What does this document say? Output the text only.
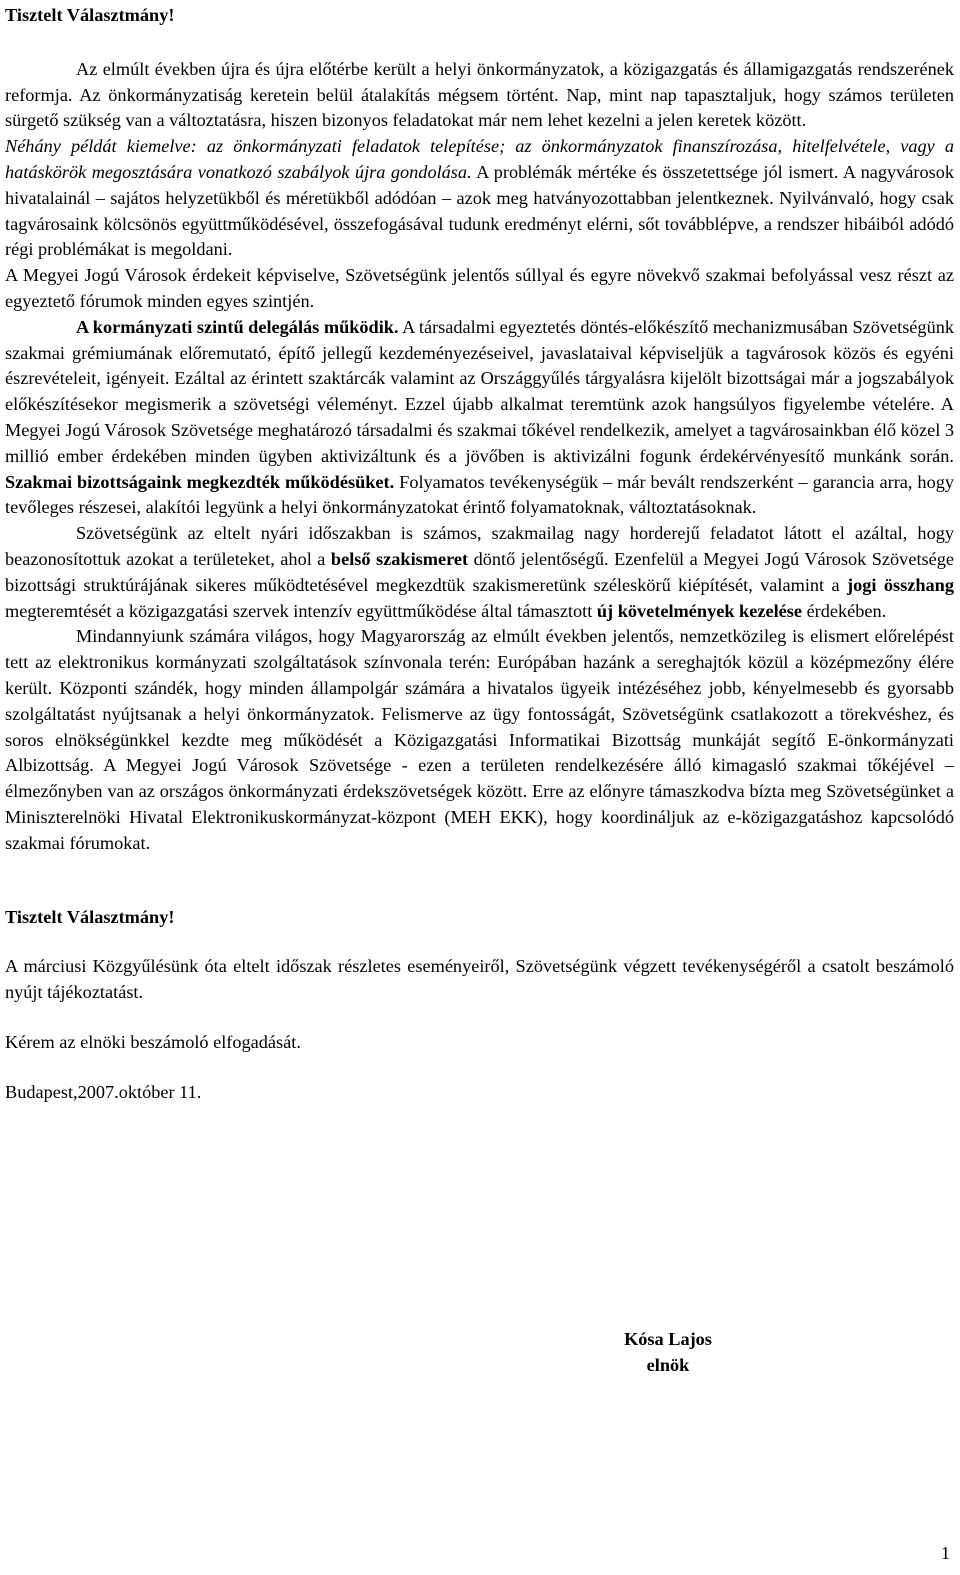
Tisztelt Választmány!

Az elmúlt években újra és újra előtérbe került a helyi önkormányzatok, a közigazgatás és államigazgatás rendszerének reformja. Az önkormányzatiság keretein belül átalakítás mégsem történt. Nap, mint nap tapasztaljuk, hogy számos területen sürgető szükség van a változtatásra, hiszen bizonyos feladatokat már nem lehet kezelni a jelen keretek között.
Néhány példát kiemelve: az önkormányzati feladatok telepítése; az önkormányzatok finanszírozása, hitelfelvétele, vagy a hatáskörök megosztására vonatkozó szabályok újra gondolása. A problémák mértéke és összetettsége jól ismert. A nagyvárosok hivatalainál – sajátos helyzetükből és méretükből adódóan – azok meg hatványozottabban jelentkeznek. Nyilvánvaló, hogy csak tagvárosaink kölcsönös együttműködésével, összefogásával tudunk eredményt elérni, sőt továbblépve, a rendszer hibáiból adódó régi problémákat is megoldani.
A Megyei Jogú Városok érdekeit képviselve, Szövetségünk jelentős súllyal és egyre növekvő szakmai befolyással vesz részt az egyeztető fórumok minden egyes szintjén.

A kormányzati szintű delegálás működik. A társadalmi egyeztetés döntés-előkészítő mechanizmusában Szövetségünk szakmai grémiumának előremutató, építő jellegű kezdeményezéseivel, javaslataival képviseljük a tagvárosok közös és egyéni észrevételeit, igényeit. Ezáltal az érintett szaktárcák valamint az Országgyűlés tárgyalásra kijelölt bizottságai már a jogszabályok előkészítésekor megismerik a szövetségi véleményt. Ezzel újabb alkalmat teremtünk azok hangsúlyos figyelembe vételére. A Megyei Jogú Városok Szövetsége meghatározó társadalmi és szakmai tőkével rendelkezik, amelyet a tagvárosainkban élő közel 3 millió ember érdekében minden ügyben aktivizáltunk és a jövőben is aktivizálni fogunk érdekérvényesítő munkánk során. Szakmai bizottságaink megkezdték működésüket. Folyamatos tevékenységük – már bevált rendszerként – garancia arra, hogy tevőleges részesei, alakítói legyünk a helyi önkormányzatokat érintő folyamatoknak, változtatásoknak.

Szövetségünk az eltelt nyári időszakban is számos, szakmailag nagy horderejű feladatot látott el azáltal, hogy beazonosítottuk azokat a területeket, ahol a belső szakismeret döntő jelentőségű. Ezenfelül a Megyei Jogú Városok Szövetsége bizottsági struktúrájának sikeres működtetésével megkezdtük szakismeretünk széleskörű kiépítését, valamint a jogi összhang megteremtését a közigazgatási szervek intenzív együttműködése által támasztott új követelmények kezelése érdekében.

Mindannyiunk számára világos, hogy Magyarország az elmúlt években jelentős, nemzetközileg is elismert előrelépést tett az elektronikus kormányzati szolgáltatások színvonala terén: Európában hazánk a sereghajtók közül a középmezőny élére került. Központi szándék, hogy minden állampolgár számára a hivatalos ügyeik intézéséhez jobb, kényelmesebb és gyorsabb szolgáltatást nyújtsanak a helyi önkormányzatok. Felismerve az ügy fontosságát, Szövetségünk csatlakozott a törekvéshez, és soros elnökségünkkel kezdte meg működését a Közigazgatási Informatikai Bizottság munkáját segítő E-önkormányzati Albizottság. A Megyei Jogú Városok Szövetsége - ezen a területen rendelkezésére álló kimagasló szakmai tőkéjével – élmezőnyben van az országos önkormányzati érdekszövetségek között. Erre az előnyre támaszkodva bízta meg Szövetségünket a Miniszterelnöki Hivatal Elektronikuskormányzat-központ (MEH EKK), hogy koordináljuk az e-közigazgatáshoz kapcsolódó szakmai fórumokat.

Tisztelt Választmány!

A márciusi Közgyűlésünk óta eltelt időszak részletes eseményeiről, Szövetségünk végzett tevékenységéről a csatolt beszámoló nyújt tájékoztatást.

Kérem az elnöki beszámoló elfogadását.

Budapest,2007.október 11.

Kósa Lajos
elnök
1
